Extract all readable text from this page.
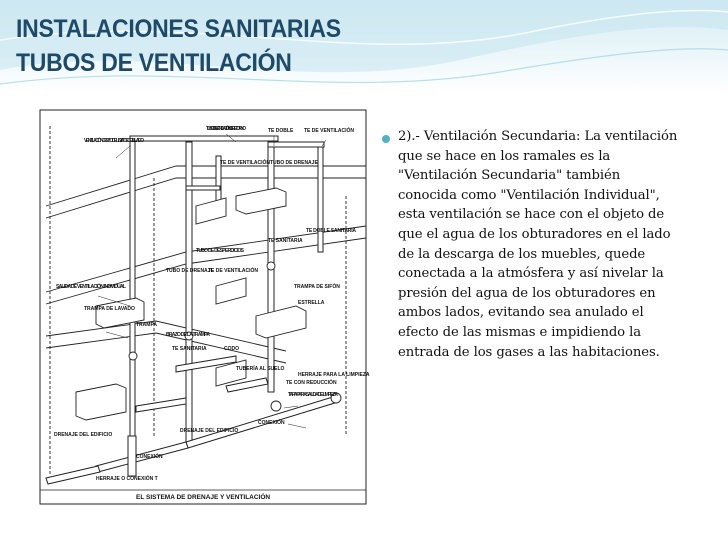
INSTALACIONES SANITARIAS
TUBOS DE VENTILACIÓN
EL SISTEMA DE DRENAJE Y VENTILACIÓN
VENTILACIÓN DE 90° O DE U/S 1/4" DE DOBLADO
TUBO DE VENTILACIÓN DE RETORNO	TE DOBLE TE DE VENTILACIÓN
TE DE VENTILACIÓN TUBO DE DRENAJE
SALIDA DE VENTILACIÓN INDIVIDUAL
TRAMPA DE LAVADO
TUBO DE DESPERDICIOS
TE SANITARIA
TE DOBLE SANITARIA
TUBO DE DRENAJE
TE DE VENTILACIÓN
TRAMPA DE SIFÓN
ESTRELLA
TRAMPA
BRAZO DE LA TRAMPA
TE SANITARIA	CODO
TUBERÍA AL SUELO
TE CON REDUCCIÓN
HERRAJE PARA LA LIMPIEZA
TAPA PARA SALIDA DE LIMPIEZA
CONEXIÓN
DRENAJE DEL EDIFICIO
DRENAJE DEL EDIFICIO
CONEXIÓN
HERRAJE O CONEXIÓN T

2).- Ventilación Secundaria: La ventilación que se hace en los ramales es la "Ventilación Secundaria" también conocida como "Ventilación Individual", esta ventilación se hace con el objeto de que el agua de los obturadores en el lado de la descarga de los muebles, quede conectada a la atmósfera y así nivelar la presión del agua de los obturadores en ambos lados, evitando sea anulado el efecto de las mismas e impidiendo la entrada de los gases a las habitaciones.
